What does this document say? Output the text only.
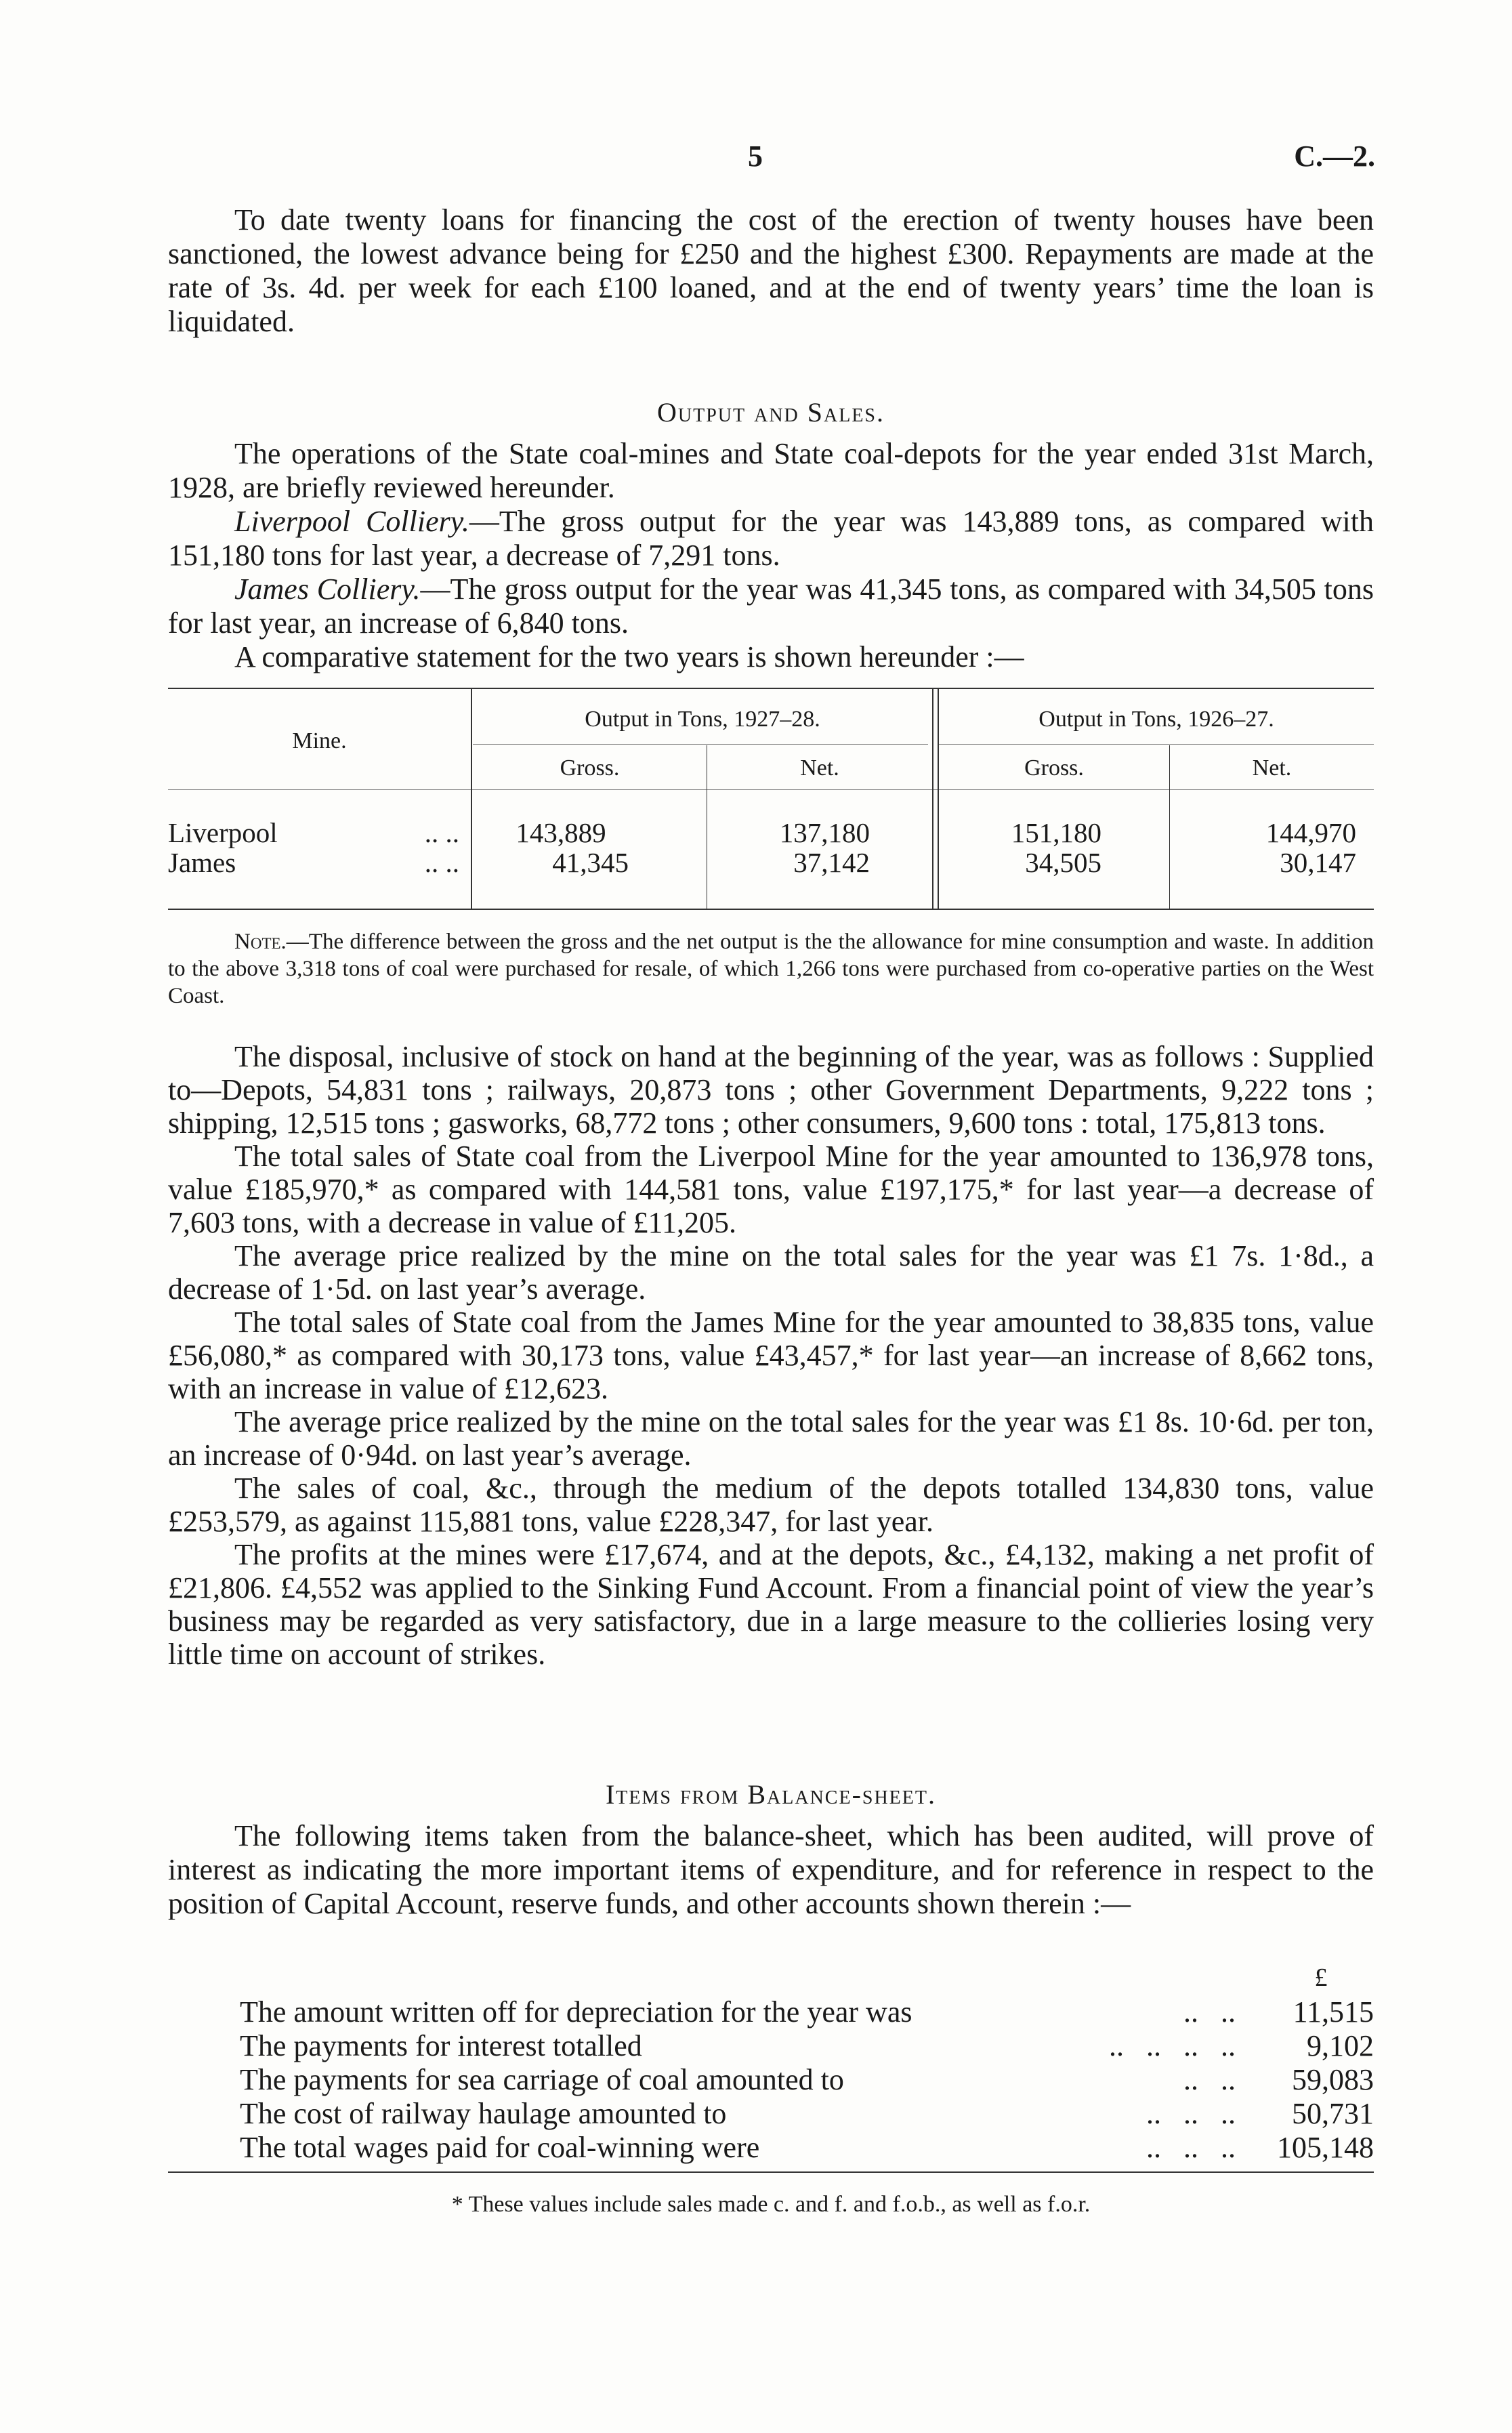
5	C.—2.

To date twenty loans for financing the cost of the erection of twenty houses have been sanctioned, the lowest advance being for £250 and the highest £300. Repayments are made at the rate of 3s. 4d. per week for each £100 loaned, and at the end of twenty years’ time the loan is liquidated.

Output and Sales.

The operations of the State coal-mines and State coal-depots for the year ended 31st March, 1928, are briefly reviewed hereunder.

Liverpool Colliery.—The gross output for the year was 143,889 tons, as compared with 151,180 tons for last year, a decrease of 7,291 tons.

James Colliery.—The gross output for the year was 41,345 tons, as compared with 34,505 tons for last year, an increase of 6,840 tons.

A comparative statement for the two years is shown hereunder :—

Mine.
Output in Tons, 1927–28.	Output in Tons, 1926–27.
Gross.	Net.	Gross.	Net.
Liverpool	.. ..	143,889	137,180	151,180	144,970
James	.. ..	41,345	37,142	34,505	30,147

Note.—The difference between the gross and the net output is the the allowance for mine consumption and waste. In addition to the above 3,318 tons of coal were purchased for resale, of which 1,266 tons were purchased from co-operative parties on the West Coast.

The disposal, inclusive of stock on hand at the beginning of the year, was as follows : Supplied to—Depots, 54,831 tons ; railways, 20,873 tons ; other Government Departments, 9,222 tons ; shipping, 12,515 tons ; gasworks, 68,772 tons ; other consumers, 9,600 tons : total, 175,813 tons.

The total sales of State coal from the Liverpool Mine for the year amounted to 136,978 tons, value £185,970,* as compared with 144,581 tons, value £197,175,* for last year—a decrease of 7,603 tons, with a decrease in value of £11,205.

The average price realized by the mine on the total sales for the year was £1 7s. 1·8d., a decrease of 1·5d. on last year’s average.

The total sales of State coal from the James Mine for the year amounted to 38,835 tons, value £56,080,* as compared with 30,173 tons, value £43,457,* for last year—an increase of 8,662 tons, with an increase in value of £12,623.

The average price realized by the mine on the total sales for the year was £1 8s. 10·6d. per ton, an increase of 0·94d. on last year’s average.

The sales of coal, &c., through the medium of the depots totalled 134,830 tons, value £253,579, as against 115,881 tons, value £228,347, for last year.

The profits at the mines were £17,674, and at the depots, &c., £4,132, making a net profit of £21,806. £4,552 was applied to the Sinking Fund Account. From a financial point of view the year’s business may be regarded as very satisfactory, due in a large measure to the collieries losing very little time on account of strikes.

Items from Balance-sheet.

The following items taken from the balance-sheet, which has been audited, will prove of interest as indicating the more important items of expenditure, and for reference in respect to the position of Capital Account, reserve funds, and other accounts shown therein :—

£
The amount written off for depreciation for the year was	..   ..	11,515
The payments for interest totalled	..   ..   ..   ..	9,102
The payments for sea carriage of coal amounted to	..   ..	59,083
The cost of railway haulage amounted to	..   ..   ..	50,731
The total wages paid for coal-winning were	..   ..   ..	105,148
* These values include sales made c. and f. and f.o.b., as well as f.o.r.
